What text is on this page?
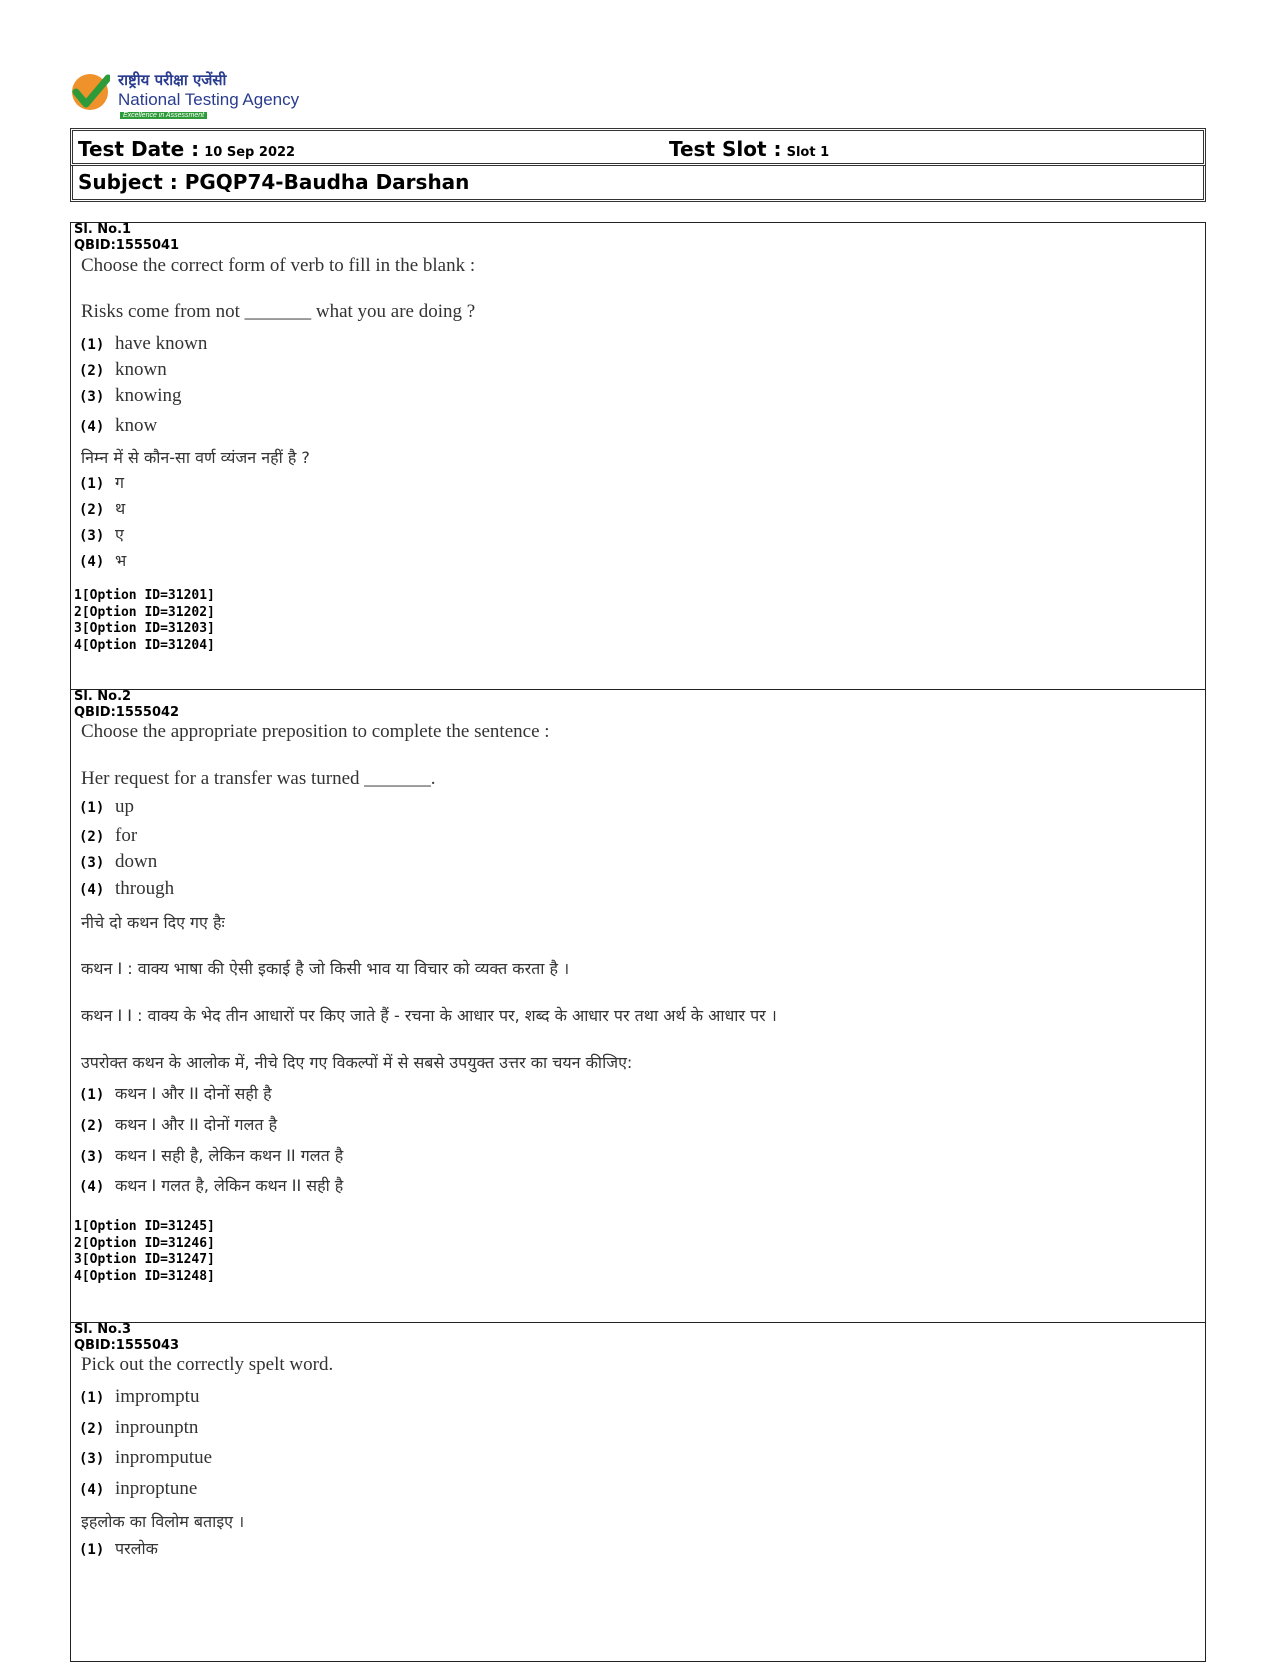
राष्ट्रीय परीक्षा एजेंसी
National Testing Agency
Excellence in Assessment
Test Date : 10 Sep 2022	Test Slot : Slot 1
Subject : PGQP74-Baudha Darshan
Sl. No.1
QBID:1555041
Choose the correct form of verb to fill in the blank :
Risks come from not _______ what you are doing ?
(1) have known
(2) known
(3) knowing
(4) know
निम्न में से कौन-सा वर्ण व्यंजन नहीं है ?
(1) ग
(2) थ
(3) ए
(4) भ
1[Option ID=31201]
2[Option ID=31202]
3[Option ID=31203]
4[Option ID=31204]
Sl. No.2
QBID:1555042
Choose the appropriate preposition to complete the sentence :
Her request for a transfer was turned _______.
(1) up
(2) for
(3) down
(4) through
नीचे दो कथन दिए गए हैः
कथन I : वाक्य भाषा की ऐसी इकाई है जो किसी भाव या विचार को व्यक्त करता है ।
कथन I I : वाक्य के भेद तीन आधारों पर किए जाते हैं - रचना के आधार पर, शब्द के आधार पर तथा अर्थ के आधार पर ।
उपरोक्त कथन के आलोक में, नीचे दिए गए विकल्पों में से सबसे उपयुक्त उत्तर का चयन कीजिए:
(1) कथन I और II दोनों सही है
(2) कथन I और II दोनों गलत है
(3) कथन I सही है, लेकिन कथन II गलत है
(4) कथन I गलत है, लेकिन कथन II सही है
1[Option ID=31245]
2[Option ID=31246]
3[Option ID=31247]
4[Option ID=31248]
Sl. No.3
QBID:1555043
Pick out the correctly spelt word.
(1) impromptu
(2) inprounptn
(3) inpromputue
(4) inproptune
इहलोक का विलोम बताइए ।
(1) परलोक
